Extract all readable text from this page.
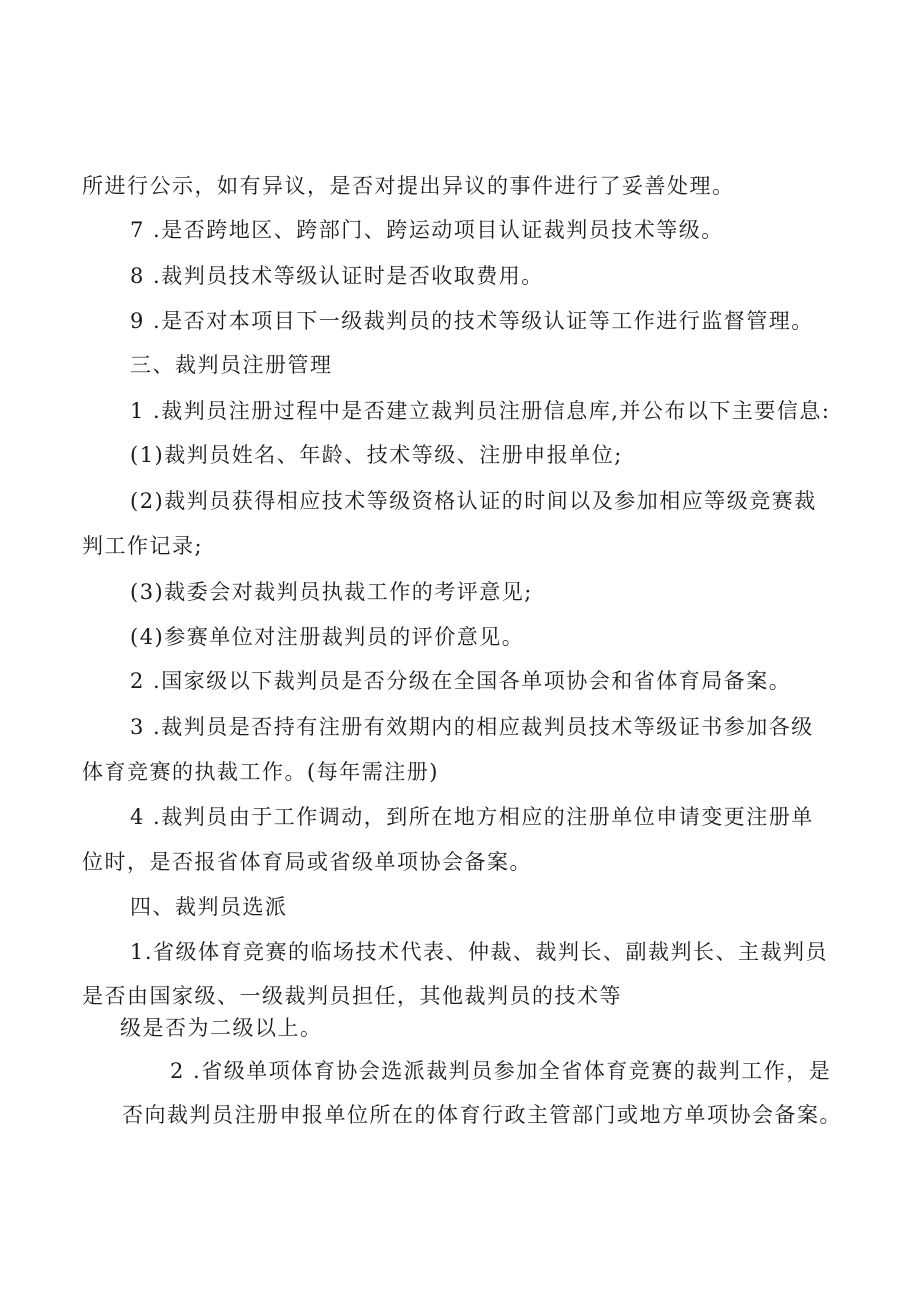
所进行公示，如有异议，是否对提出异议的事件进行了妥善处理。
7 .是否跨地区、跨部门、跨运动项目认证裁判员技术等级。
8 .裁判员技术等级认证时是否收取费用。
9 .是否对本项目下一级裁判员的技术等级认证等工作进行监督管理。
三、裁判员注册管理
1 .裁判员注册过程中是否建立裁判员注册信息库,并公布以下主要信息:
(1)裁判员姓名、年龄、技术等级、注册申报单位;
(2)裁判员获得相应技术等级资格认证的时间以及参加相应等级竞赛裁
判工作记录;
(3)裁委会对裁判员执裁工作的考评意见;
(4)参赛单位对注册裁判员的评价意见。
2 .国家级以下裁判员是否分级在全国各单项协会和省体育局备案。
3 .裁判员是否持有注册有效期内的相应裁判员技术等级证书参加各级
体育竞赛的执裁工作。(每年需注册)
4 .裁判员由于工作调动，到所在地方相应的注册单位申请变更注册单
位时，是否报省体育局或省级单项协会备案。
四、裁判员选派
1.省级体育竞赛的临场技术代表、仲裁、裁判长、副裁判长、主裁判员
是否由国家级、一级裁判员担任，其他裁判员的技术等
级是否为二级以上。
2 .省级单项体育协会选派裁判员参加全省体育竞赛的裁判工作，是
否向裁判员注册申报单位所在的体育行政主管部门或地方单项协会备案。
